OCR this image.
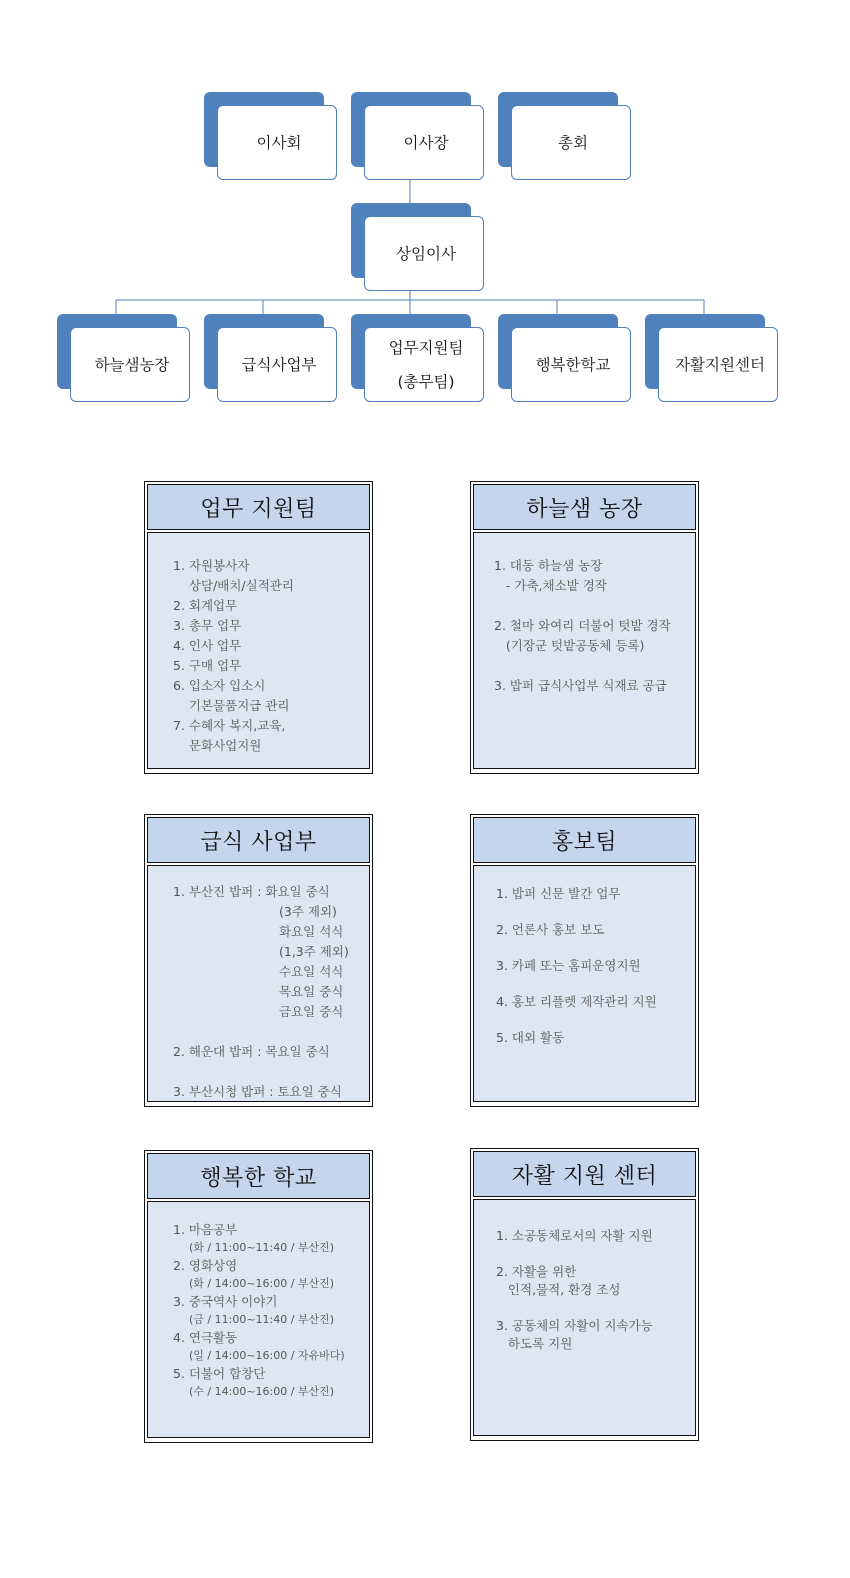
이사회	이사장	총회
상임이사
하늘샘농장	급식사업부
업무지원팀
(총무팀)
행복한학교	자활지원센터
업무 지원팀
1. 자원봉사자
상담/배치/실적관리
2. 회계업무
3. 총무 업무
4. 인사 업무
5. 구매 업무
6. 입소자 입소시
기본물품지급 관리
7. 수혜자 복지,교육,
문화사업지원
하늘샘 농장
1. 대동 하늘샘 농장
- 가축,채소밭 경작
2. 철마 와여리 더불어 텃밭 경작
(기장군 텃밭공동체 등록)
3. 밥퍼 급식사업부 식재료 공급
급식 사업부
1. 부산진 밥퍼 : 화요일 중식
(3주 제외)
화요일 석식
(1,3주 제외)
수요일 석식
목요일 중식
금요일 중식
2. 해운대 밥퍼 : 목요일 중식
3. 부산시청 밥퍼 : 토요일 중식
홍보팀
1. 밥퍼 신문 발간 업무
2. 언론사 홍보 보도
3. 카페 또는 홈피운영지원
4. 홍보 리플렛 제작관리 지원
5. 대외 활동
행복한 학교
1. 마음공부
(화 / 11:00~11:40 / 부산진)
2. 영화상영
(화 / 14:00~16:00 / 부산진)
3. 중국역사 이야기
(금 / 11:00~11:40 / 부산진)
4. 연극활동
(일 / 14:00~16:00 / 자유바다)
5. 더불어 합창단
(수 / 14:00~16:00 / 부산진)
자활 지원 센터
1. 소공동체로서의 자활 지원
2. 자활을 위한
인적,물적, 환경 조성
3. 공동체의 자활이 지속가능
하도록 지원
